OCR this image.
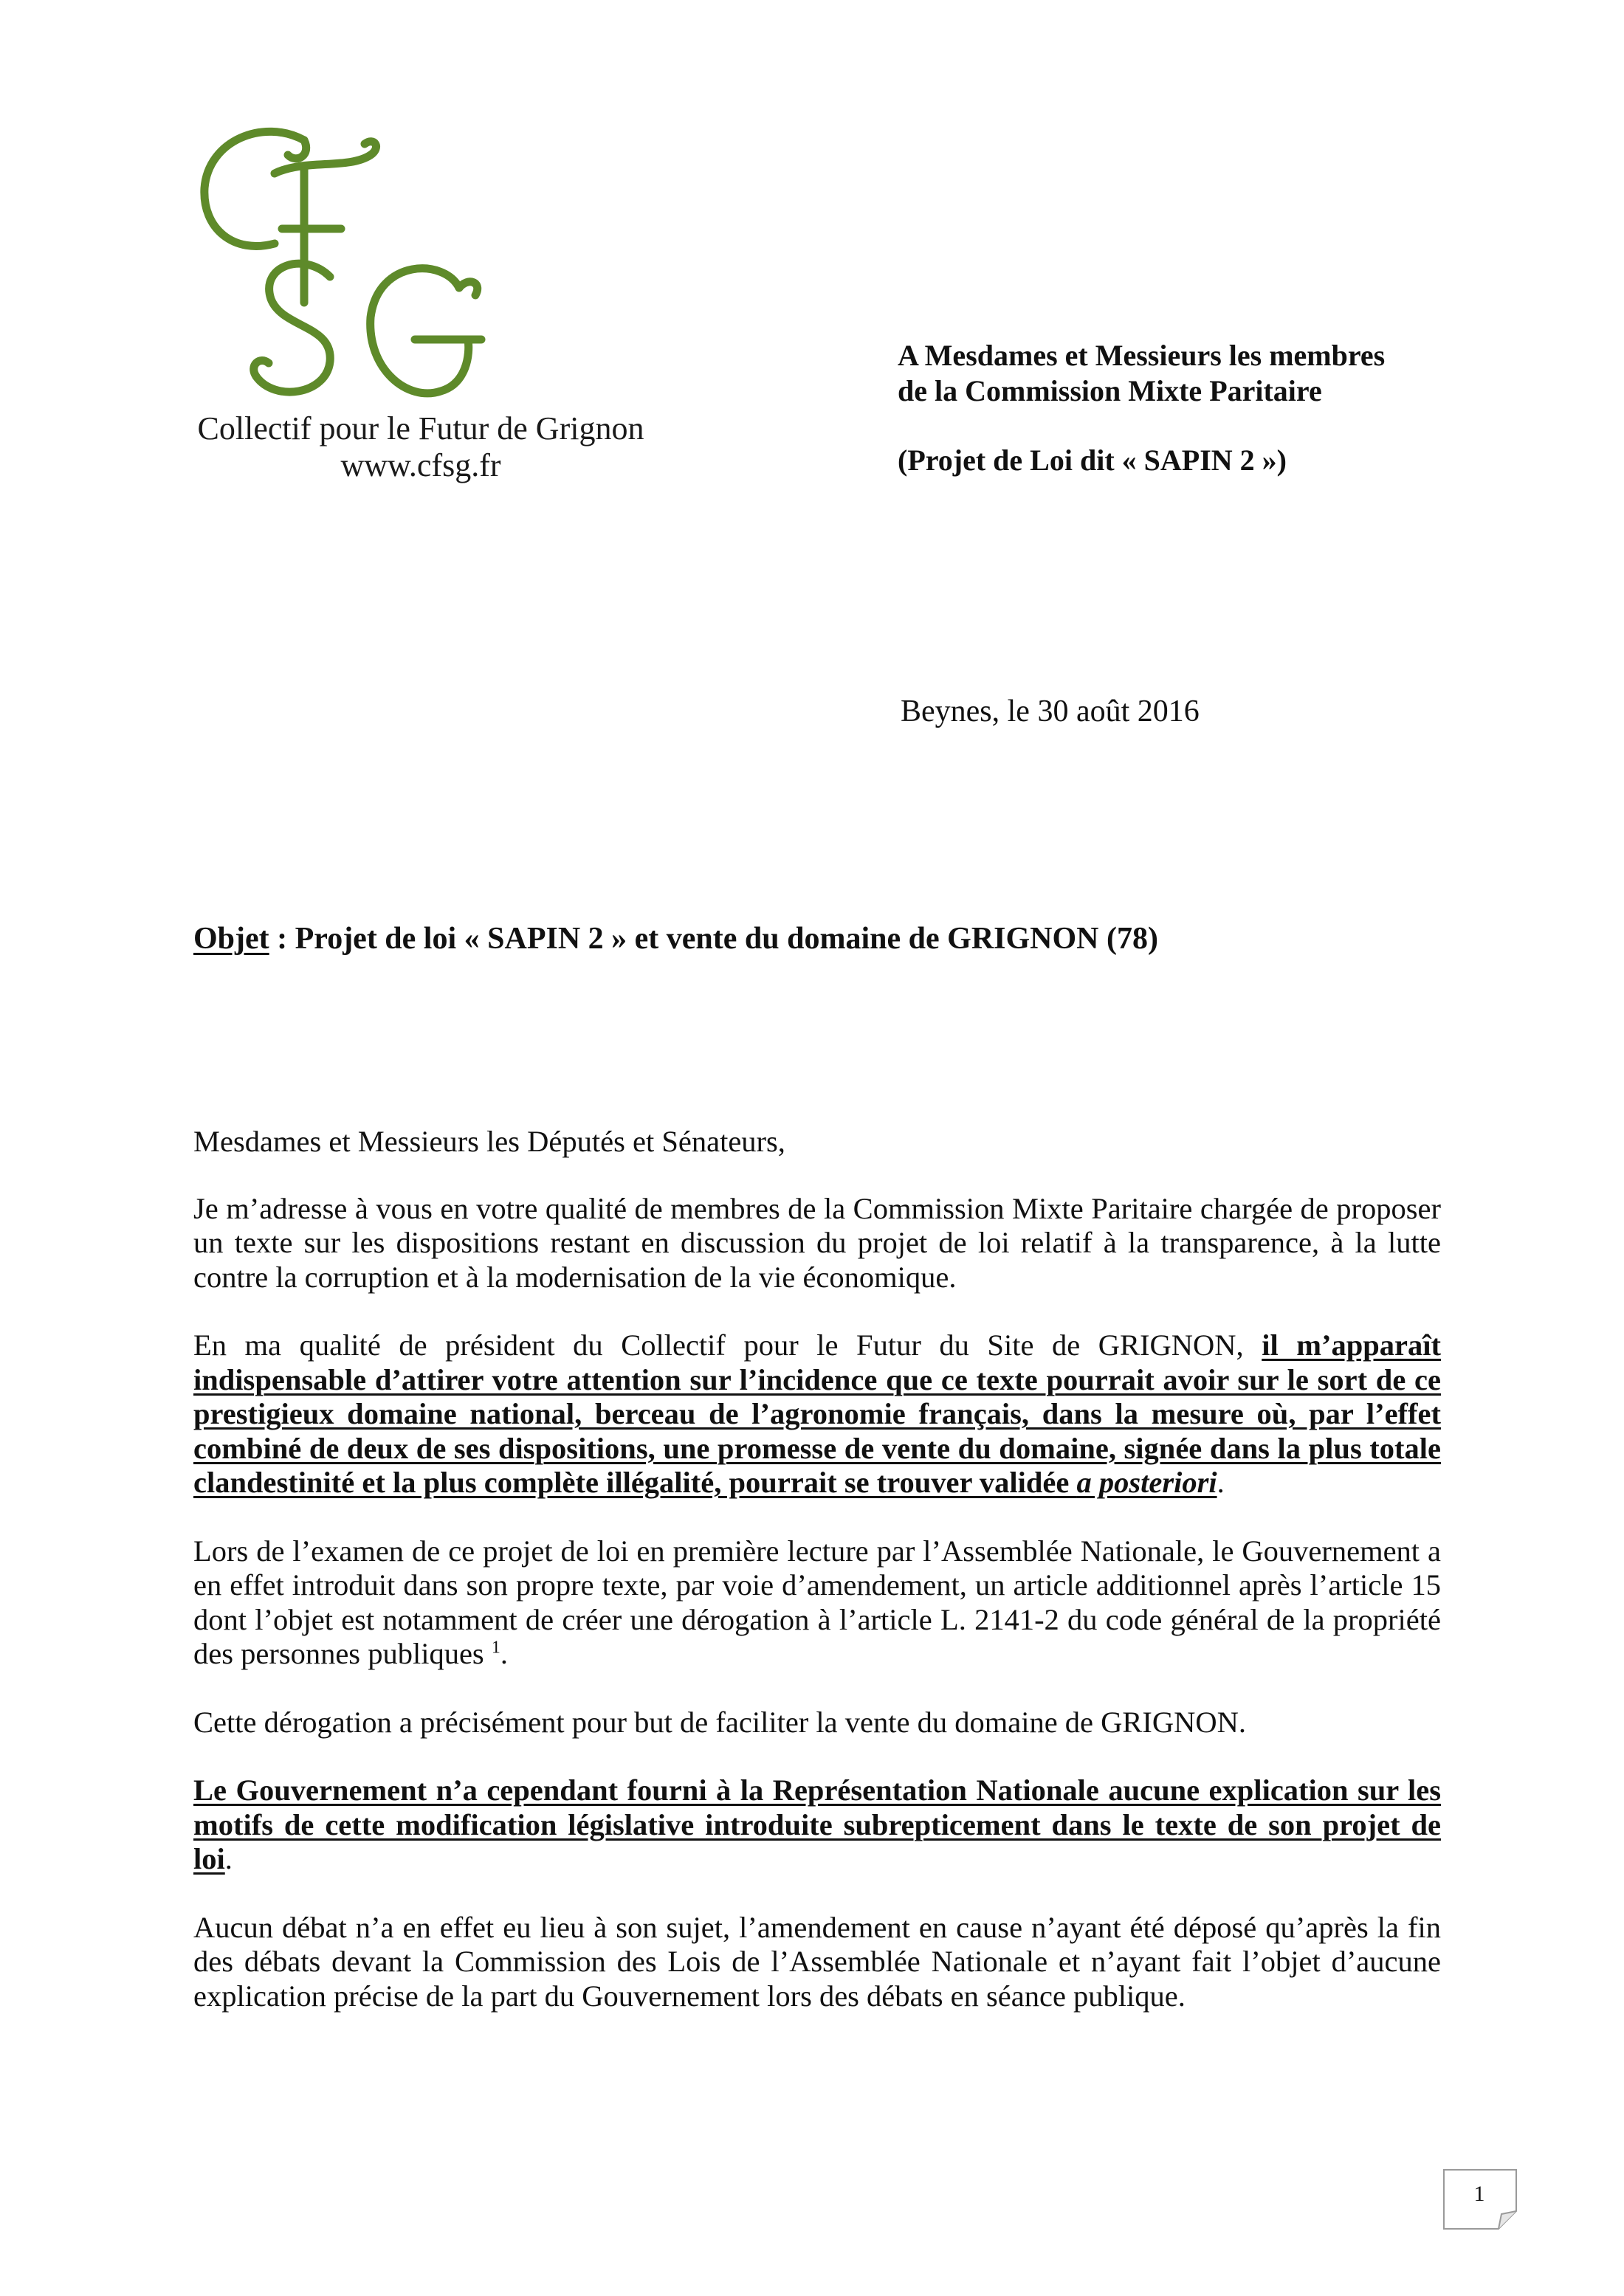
Collectif pour le Futur de Grignon
www.cfsg.fr
A Mesdames et Messieurs les membres
de la Commission Mixte Paritaire
(Projet de Loi dit « SAPIN 2 »)
Beynes, le 30 août 2016
Objet : Projet de loi « SAPIN 2 » et vente du domaine de GRIGNON (78)

Mesdames et Messieurs les Députés et Sénateurs,

Je m’adresse à vous en votre qualité de membres de la Commission Mixte Paritaire chargée de proposer un texte sur les dispositions restant en discussion du projet de loi relatif à la transparence, à la lutte contre la corruption et à la modernisation de la vie économique.

En ma qualité de président du Collectif pour le Futur du Site de GRIGNON, il m’apparaît indispensable d’attirer votre attention sur l’incidence que ce texte pourrait avoir sur le sort de ce prestigieux domaine national, berceau de l’agronomie français, dans la mesure où, par l’effet combiné de deux de ses dispositions, une promesse de vente du domaine, signée dans la plus totale clandestinité et la plus complète illégalité, pourrait se trouver validée a posteriori.

Lors de l’examen de ce projet de loi en première lecture par l’Assemblée Nationale, le Gouvernement a en effet introduit dans son propre texte, par voie d’amendement, un article additionnel après l’article 15 dont l’objet est notamment de créer une dérogation à l’article L. 2141-2 du code général de la propriété des personnes publiques $^1$.

Cette dérogation a précisément pour but de faciliter la vente du domaine de GRIGNON.

Le Gouvernement n’a cependant fourni à la Représentation Nationale aucune explication sur les motifs de cette modification législative introduite subrepticement dans le texte de son projet de loi.

Aucun débat n’a en effet eu lieu à son sujet, l’amendement en cause n’ayant été déposé qu’après la fin des débats devant la Commission des Lois de l’Assemblée Nationale et n’ayant fait l’objet d’aucune explication précise de la part du Gouvernement lors des débats en séance publique.

1
